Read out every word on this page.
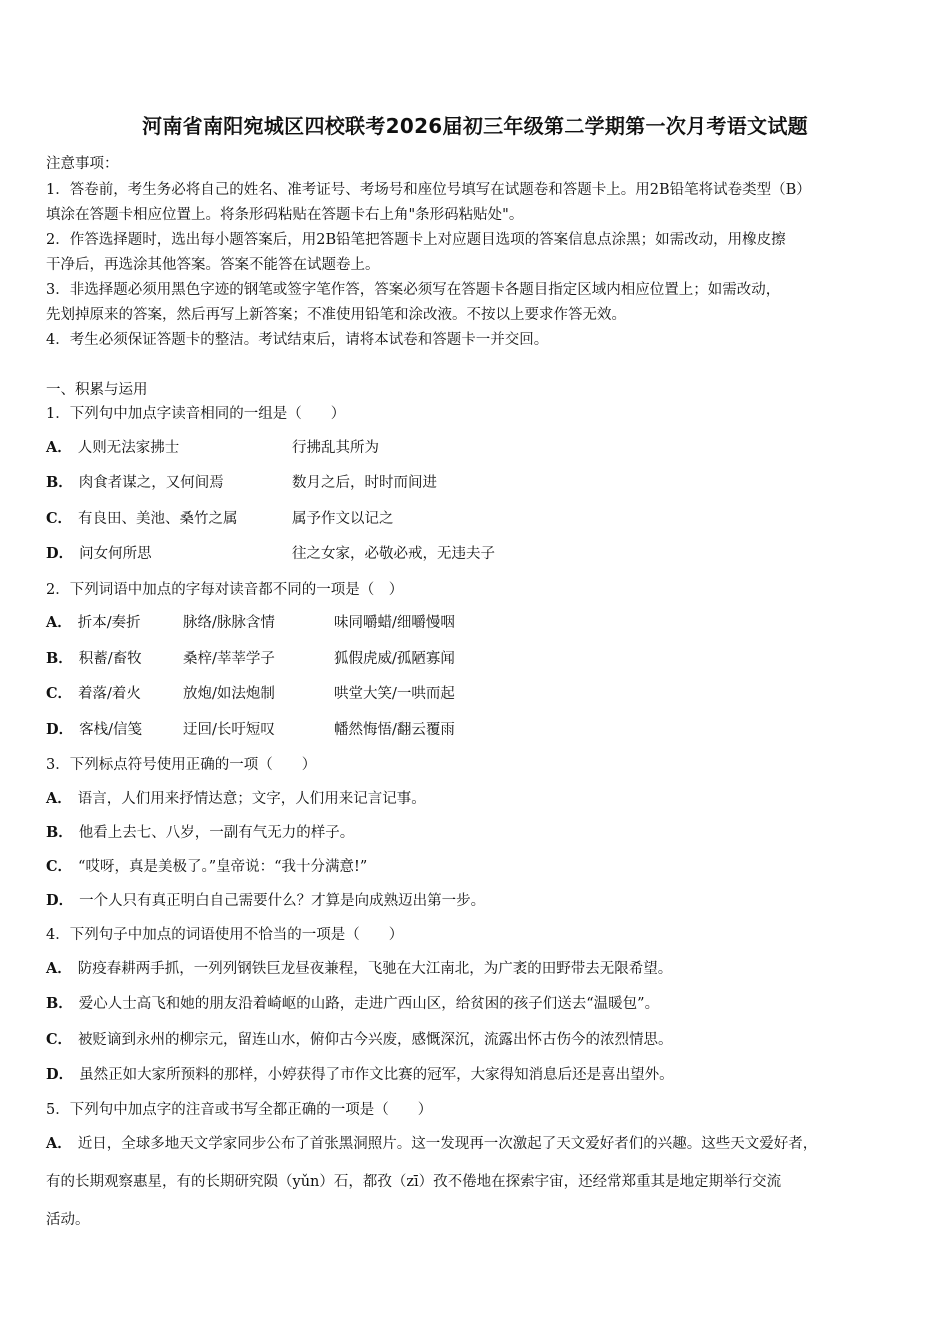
河南省南阳宛城区四校联考2026届初三年级第二学期第一次月考语文试题
注意事项：
1．答卷前，考生务必将自己的姓名、准考证号、考场号和座位号填写在试题卷和答题卡上。用2B铅笔将试卷类型（B）
填涂在答题卡相应位置上。将条形码粘贴在答题卡右上角"条形码粘贴处"。
2．作答选择题时，选出每小题答案后，用2B铅笔把答题卡上对应题目选项的答案信息点涂黑；如需改动，用橡皮擦
干净后，再选涂其他答案。答案不能答在试题卷上。
3．非选择题必须用黑色字迹的钢笔或签字笔作答，答案必须写在答题卡各题目指定区域内相应位置上；如需改动，
先划掉原来的答案，然后再写上新答案；不准使用铅笔和涂改液。不按以上要求作答无效。
4．考生必须保证答题卡的整洁。考试结束后，请将本试卷和答题卡一并交回。
一、积累与运用
1．下列句中加点字读音相同的一组是（　　）
A． 人则无法家拂士	行拂乱其所为
B． 肉食者谋之，又何间焉	数月之后，时时而间进
C． 有良田、美池、桑竹之属	属予作文以记之
D． 问女何所思	往之女家，必敬必戒，无违夫子
2．下列词语中加点的字每对读音都不同的一项是（　）
A． 折本/奏折	脉络/脉脉含情	味同嚼蜡/细嚼慢咽
B． 积蓄/畜牧	桑梓/莘莘学子	狐假虎威/孤陋寡闻
C． 着落/着火	放炮/如法炮制	哄堂大笑/一哄而起
D． 客栈/信笺	迂回/长吁短叹	幡然悔悟/翻云覆雨
3．下列标点符号使用正确的一项（　　）
A． 语言，人们用来抒情达意；文字，人们用来记言记事。
B． 他看上去七、八岁，一副有气无力的样子。
C． “哎呀，真是美极了。”皇帝说：“我十分满意!”
D． 一个人只有真正明白自己需要什么？才算是向成熟迈出第一步。
4．下列句子中加点的词语使用不恰当的一项是（　　）
A． 防疫春耕两手抓，一列列钢铁巨龙昼夜兼程，飞驰在大江南北，为广袤的田野带去无限希望。
B． 爱心人士高飞和她的朋友沿着崎岖的山路，走进广西山区，给贫困的孩子们送去“温暖包”。
C． 被贬谪到永州的柳宗元，留连山水，俯仰古今兴废，感慨深沉，流露出怀古伤今的浓烈情思。
D． 虽然正如大家所预料的那样，小婷获得了市作文比赛的冠军，大家得知消息后还是喜出望外。
5．下列句中加点字的注音或书写全都正确的一项是（　　）
A． 近日，全球多地天文学家同步公布了首张黑洞照片。这一发现再一次激起了天文爱好者们的兴趣。这些天文爱好者，
有的长期观察惠星，有的长期研究陨（yǔn）石，都孜（zī）孜不倦地在探索宇宙，还经常郑重其是地定期举行交流
活动。
